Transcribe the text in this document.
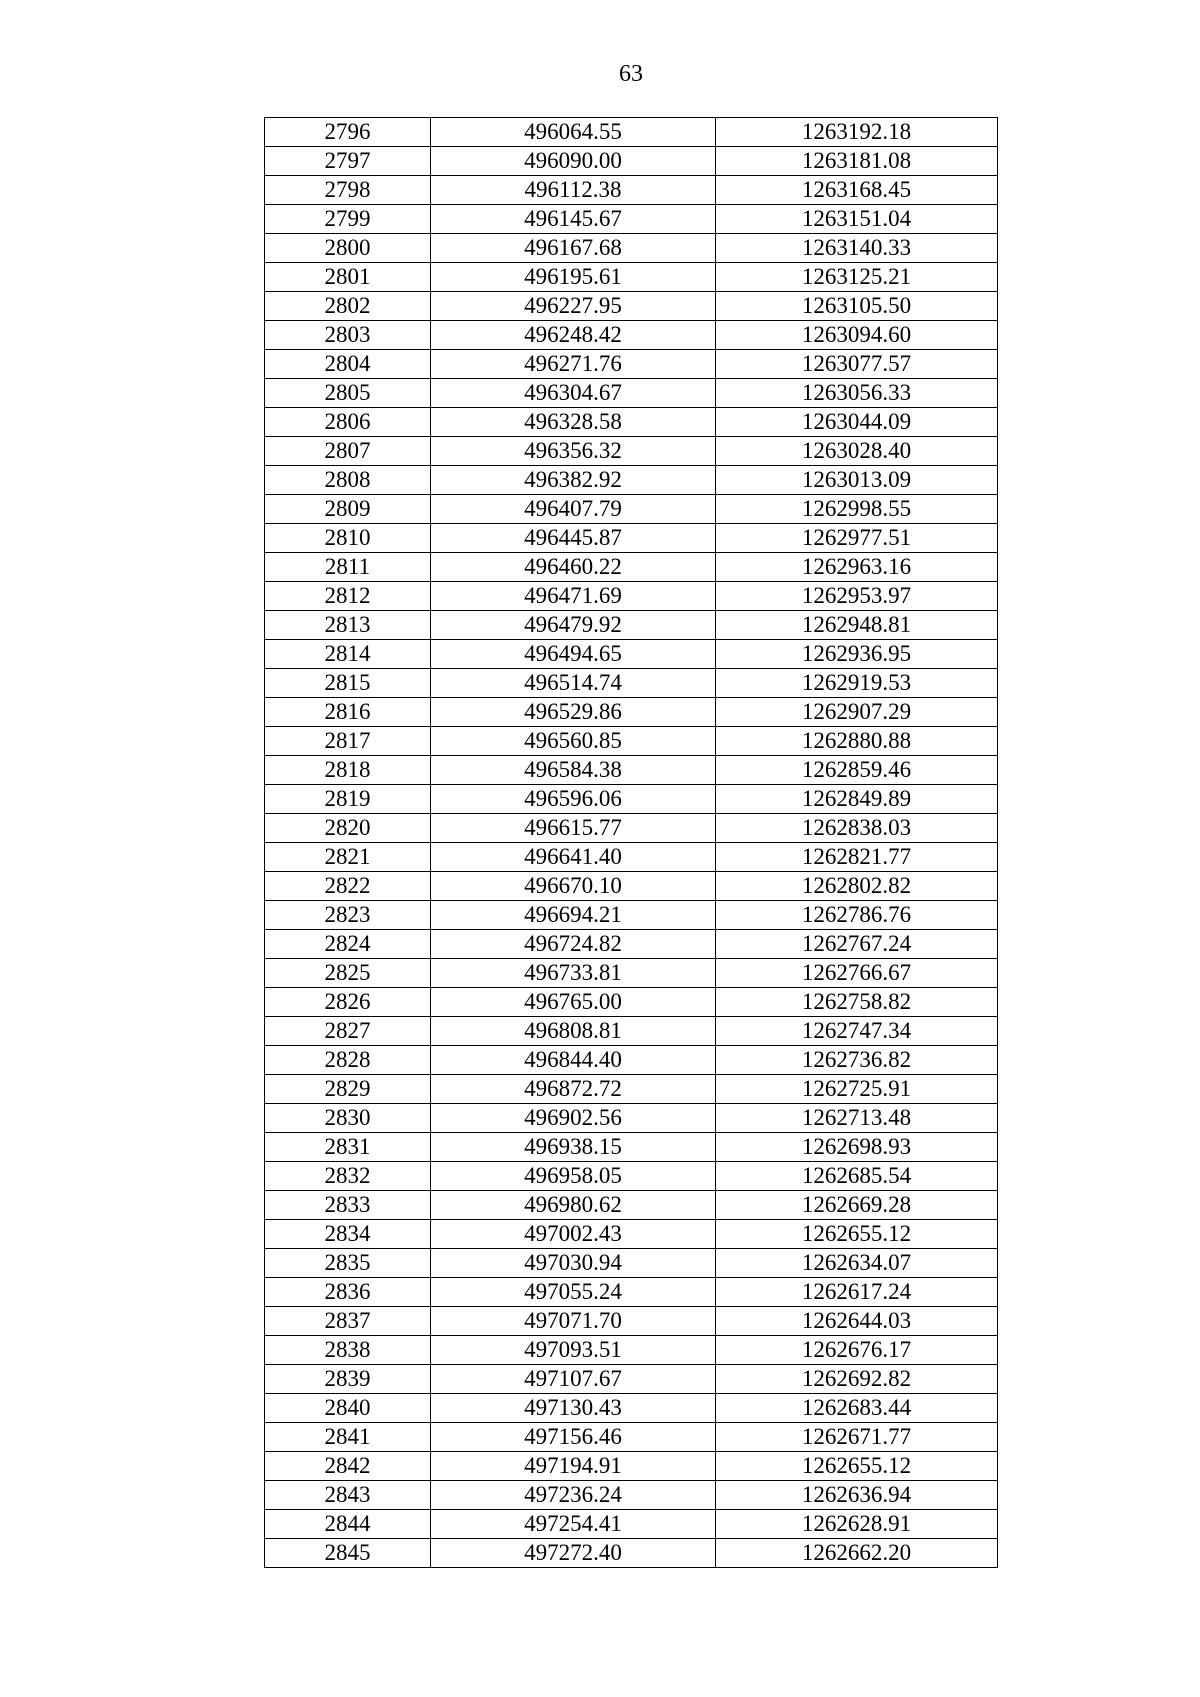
63
2796	496064.55	1263192.18
2797	496090.00	1263181.08
2798	496112.38	1263168.45
2799	496145.67	1263151.04
2800	496167.68	1263140.33
2801	496195.61	1263125.21
2802	496227.95	1263105.50
2803	496248.42	1263094.60
2804	496271.76	1263077.57
2805	496304.67	1263056.33
2806	496328.58	1263044.09
2807	496356.32	1263028.40
2808	496382.92	1263013.09
2809	496407.79	1262998.55
2810	496445.87	1262977.51
2811	496460.22	1262963.16
2812	496471.69	1262953.97
2813	496479.92	1262948.81
2814	496494.65	1262936.95
2815	496514.74	1262919.53
2816	496529.86	1262907.29
2817	496560.85	1262880.88
2818	496584.38	1262859.46
2819	496596.06	1262849.89
2820	496615.77	1262838.03
2821	496641.40	1262821.77
2822	496670.10	1262802.82
2823	496694.21	1262786.76
2824	496724.82	1262767.24
2825	496733.81	1262766.67
2826	496765.00	1262758.82
2827	496808.81	1262747.34
2828	496844.40	1262736.82
2829	496872.72	1262725.91
2830	496902.56	1262713.48
2831	496938.15	1262698.93
2832	496958.05	1262685.54
2833	496980.62	1262669.28
2834	497002.43	1262655.12
2835	497030.94	1262634.07
2836	497055.24	1262617.24
2837	497071.70	1262644.03
2838	497093.51	1262676.17
2839	497107.67	1262692.82
2840	497130.43	1262683.44
2841	497156.46	1262671.77
2842	497194.91	1262655.12
2843	497236.24	1262636.94
2844	497254.41	1262628.91
2845	497272.40	1262662.20
